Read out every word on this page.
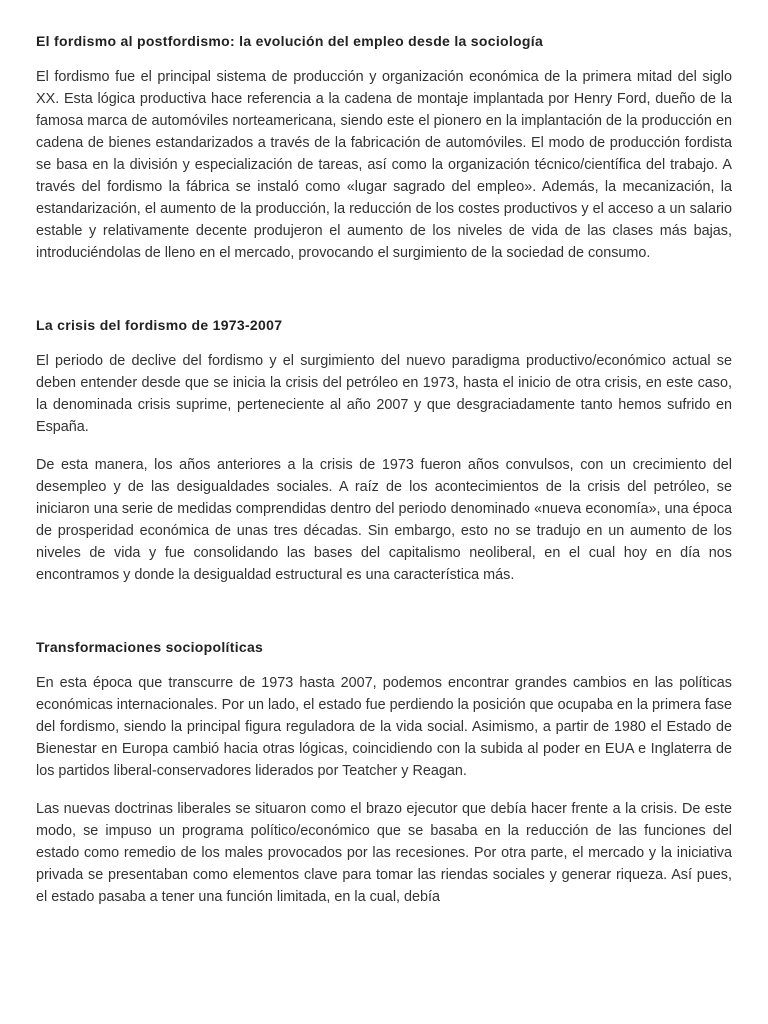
El fordismo al postfordismo: la evolución del empleo desde la sociología

El fordismo fue el principal sistema de producción y organización económica de la primera mitad del siglo XX. Esta lógica productiva hace referencia a la cadena de montaje implantada por Henry Ford, dueño de la famosa marca de automóviles norteamericana, siendo este el pionero en la implantación de la producción en cadena de bienes estandarizados a través de la fabricación de automóviles. El modo de producción fordista se basa en la división y especialización de tareas, así como la organización técnico/científica del trabajo. A través del fordismo la fábrica se instaló como «lugar sagrado del empleo». Además, la mecanización, la estandarización, el aumento de la producción, la reducción de los costes productivos y el acceso a un salario estable y relativamente decente produjeron el aumento de los niveles de vida de las clases más bajas, introduciéndolas de lleno en el mercado, provocando el surgimiento de la sociedad de consumo.

La crisis del fordismo de 1973-2007

El periodo de declive del fordismo y el surgimiento del nuevo paradigma productivo/económico actual se deben entender desde que se inicia la crisis del petróleo en 1973, hasta el inicio de otra crisis, en este caso, la denominada crisis suprime, perteneciente al año 2007 y que desgraciadamente tanto hemos sufrido en España.

De esta manera, los años anteriores a la crisis de 1973 fueron años convulsos, con un crecimiento del desempleo y de las desigualdades sociales. A raíz de los acontecimientos de la crisis del petróleo, se iniciaron una serie de medidas comprendidas dentro del periodo denominado «nueva economía», una época de prosperidad económica de unas tres décadas. Sin embargo, esto no se tradujo en un aumento de los niveles de vida y fue consolidando las bases del capitalismo neoliberal, en el cual hoy en día nos encontramos y donde la desigualdad estructural es una característica más.

Transformaciones sociopolíticas

En esta época que transcurre de 1973 hasta 2007, podemos encontrar grandes cambios en las políticas económicas internacionales. Por un lado, el estado fue perdiendo la posición que ocupaba en la primera fase del fordismo, siendo la principal figura reguladora de la vida social. Asimismo, a partir de 1980 el Estado de Bienestar en Europa cambió hacia otras lógicas, coincidiendo con la subida al poder en EUA e Inglaterra de los partidos liberal-conservadores liderados por Teatcher y Reagan.

Las nuevas doctrinas liberales se situaron como el brazo ejecutor que debía hacer frente a la crisis. De este modo, se impuso un programa político/económico que se basaba en la reducción de las funciones del estado como remedio de los males provocados por las recesiones. Por otra parte, el mercado y la iniciativa privada se presentaban como elementos clave para tomar las riendas sociales y generar riqueza. Así pues, el estado pasaba a tener una función limitada, en la cual, debía
